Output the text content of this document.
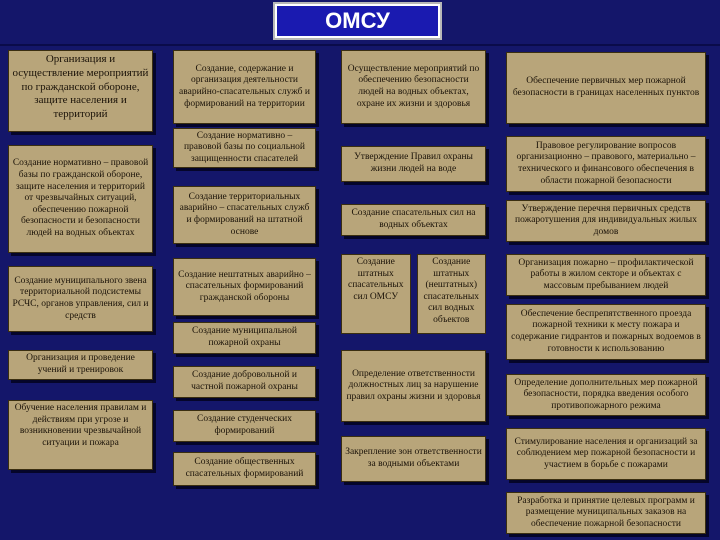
ОМСУ
Организация и осуществление мероприятий по гражданской обороне, защите населения и территорий
Создание нормативно – правовой базы по гражданской обороне, защите населения и территорий от чрезвычайных ситуаций, обеспечению пожарной безопасности и безопасности людей на водных объектах
Создание муниципального звена территориальной подсистемы РСЧС, органов управления, сил и средств
Организация и проведение учений и тренировок
Обучение населения правилам и действиям при угрозе и возникновении чрезвычайной ситуации и пожара
Создание, содержание и организация деятельности аварийно-спасательных служб и формирований на территории
Создание нормативно – правовой базы по социальной защищенности спасателей
Создание территориальных аварийно – спасательных служб и формирований на штатной основе
Создание нештатных аварийно – спасательных формирований гражданской обороны
Создание муниципальной пожарной охраны
Создание добровольной и частной пожарной охраны
Создание студенческих формирований
Создание общественных спасательных формирований
Осуществление мероприятий по обеспечению безопасности людей на водных объектах, охране их жизни и здоровья
Утверждение Правил охраны жизни людей на воде
Создание спасательных сил на водных объектах
Создание штатных спасательных сил ОМСУ
Создание штатных (нештатных) спасательных сил водных объектов
Определение ответственности должностных лиц за нарушение правил охраны жизни и здоровья
Закрепление зон ответственности за водными объектами
Обеспечение первичных мер пожарной безопасности в границах населенных пунктов
Правовое регулирование вопросов организационно – правового, материально – технического и финансового обеспечения в области пожарной безопасности
Утверждение перечня первичных средств пожаротушения для индивидуальных жилых домов
Организация пожарно – профилактической работы в жилом секторе и объектах с массовым пребыванием людей
Обеспечение беспрепятственного проезда пожарной техники к месту пожара и содержание гидрантов и пожарных водоемов в готовности к использованию
Определение дополнительных мер пожарной безопасности, порядка введения особого противопожарного режима
Стимулирование населения и организаций за соблюдением мер пожарной безопасности и участием в борьбе с пожарами
Разработка и принятие целевых программ и размещение муниципальных заказов на обеспечение пожарной безопасности
